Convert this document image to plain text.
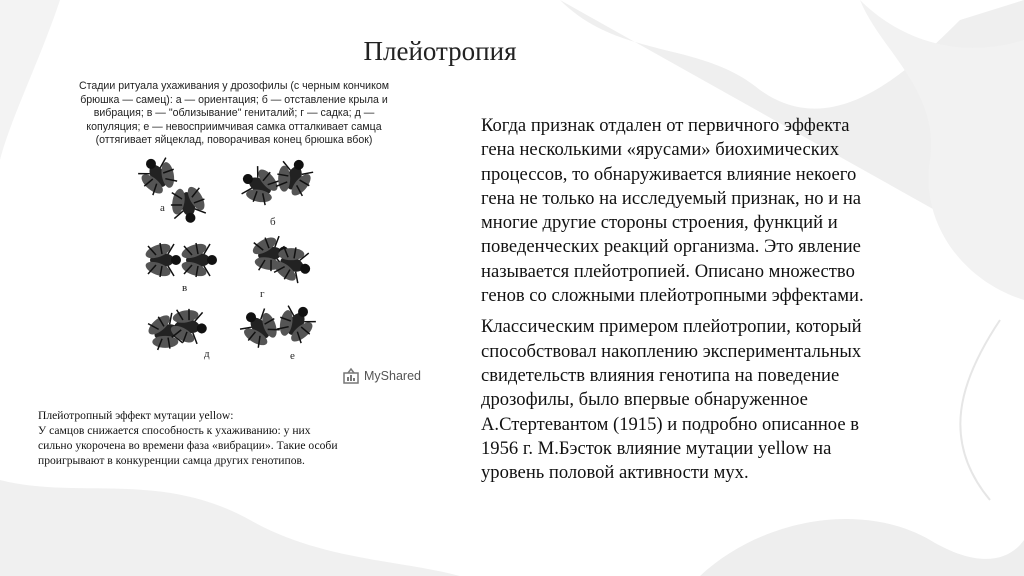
Плейотропия
Стадии ритуала ухаживания у дрозофилы (с черным кончиком
брюшка — самец): а — ориентация; б — отставление крыла и
вибрация; в — "облизывание" гениталий; г — садка; д —
копуляция; е — невосприимчивая самка отталкивает самца
(оттягивает яйцеклад, поворачивая конец брюшка вбок)
а
б
в	г
д	е
MyShared
Плейотропный эффект мутации yellow:
У самцов снижается способность к ухаживанию: у них
сильно укорочена во времени фаза «вибрации». Такие особи
проигрывают в конкуренции самца других генотипов.
Когда признак отдален от первичного эффекта
гена несколькими «ярусами» биохимических
процессов, то обнаруживается влияние некоего
гена не только на исследуемый признак, но и на
многие другие стороны строения, функций и
поведенческих реакций организма. Это явление
называется плейотропией. Описано множество
генов со сложными плейотропными эффектами.
Классическим примером плейотропии, который
способствовал накоплению экспериментальных
свидетельств влияния генотипа на поведение
дрозофилы, было впервые обнаруженное
А.Стертевантом (1915) и подробно описанное в
1956 г. М.Бэсток влияние мутации yellow на
уровень половой активности мух.
